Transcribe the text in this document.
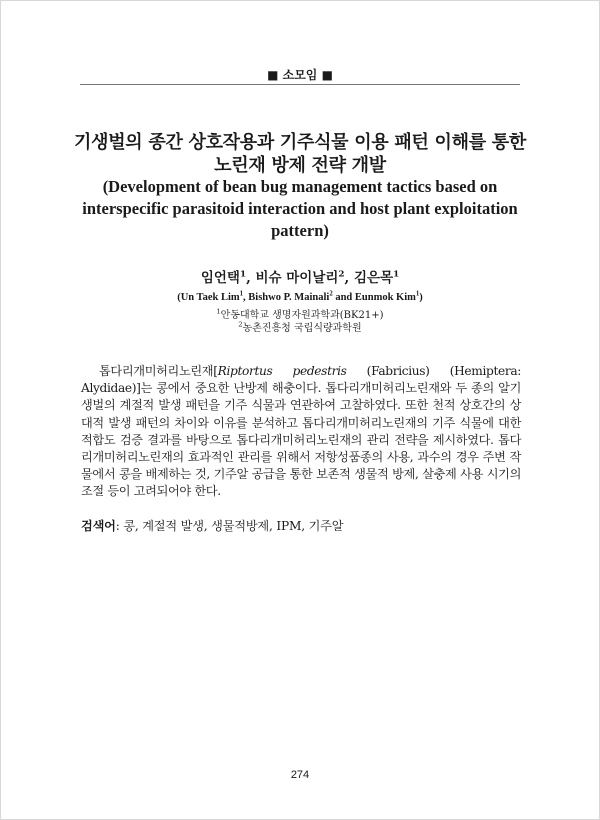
■ 소모임 ■
기생벌의 종간 상호작용과 기주식물 이용 패턴 이해를 통한
노린재 방제 전략 개발
(Development of bean bug management tactics based on interspecific parasitoid interaction and host plant exploitation pattern)
임언택$^1$, 비슈 마이날리$^2$, 김은목$^1$
(Un Taek Lim$^1$, Bishwo P. Mainali$^2$ and Eunmok Kim$^1$)
$^1$안동대학교 생명자원과학과(BK21+)
$^2$농촌진흥청 국립식량과학원

톱다리개미허리노린재[Riptortus pedestris (Fabricius) (Hemiptera: Alydidae)]는 콩에서 중요한 난방제 해충이다. 톱다리개미허리노린재와 두 종의 알기생벌의 계절적 발생 패턴을 기주 식물과 연관하여 고찰하였다. 또한 천적 상호간의 상대적 발생 패턴의 차이와 이유를 분석하고 톱다리개미허리노린재의 기주 식물에 대한 적합도 검증 결과를 바탕으로 톱다리개미허리노린재의 관리 전략을 제시하였다. 톱다리개미허리노린재의 효과적인 관리를 위해서 저항성품종의 사용, 과수의 경우 주변 작물에서 콩을 배제하는 것, 기주알 공급을 통한 보존적 생물적 방제, 살충제 사용 시기의 조절 등이 고려되어야 한다.

검색어: 콩, 계절적 발생, 생물적방제, IPM, 기주알
274
